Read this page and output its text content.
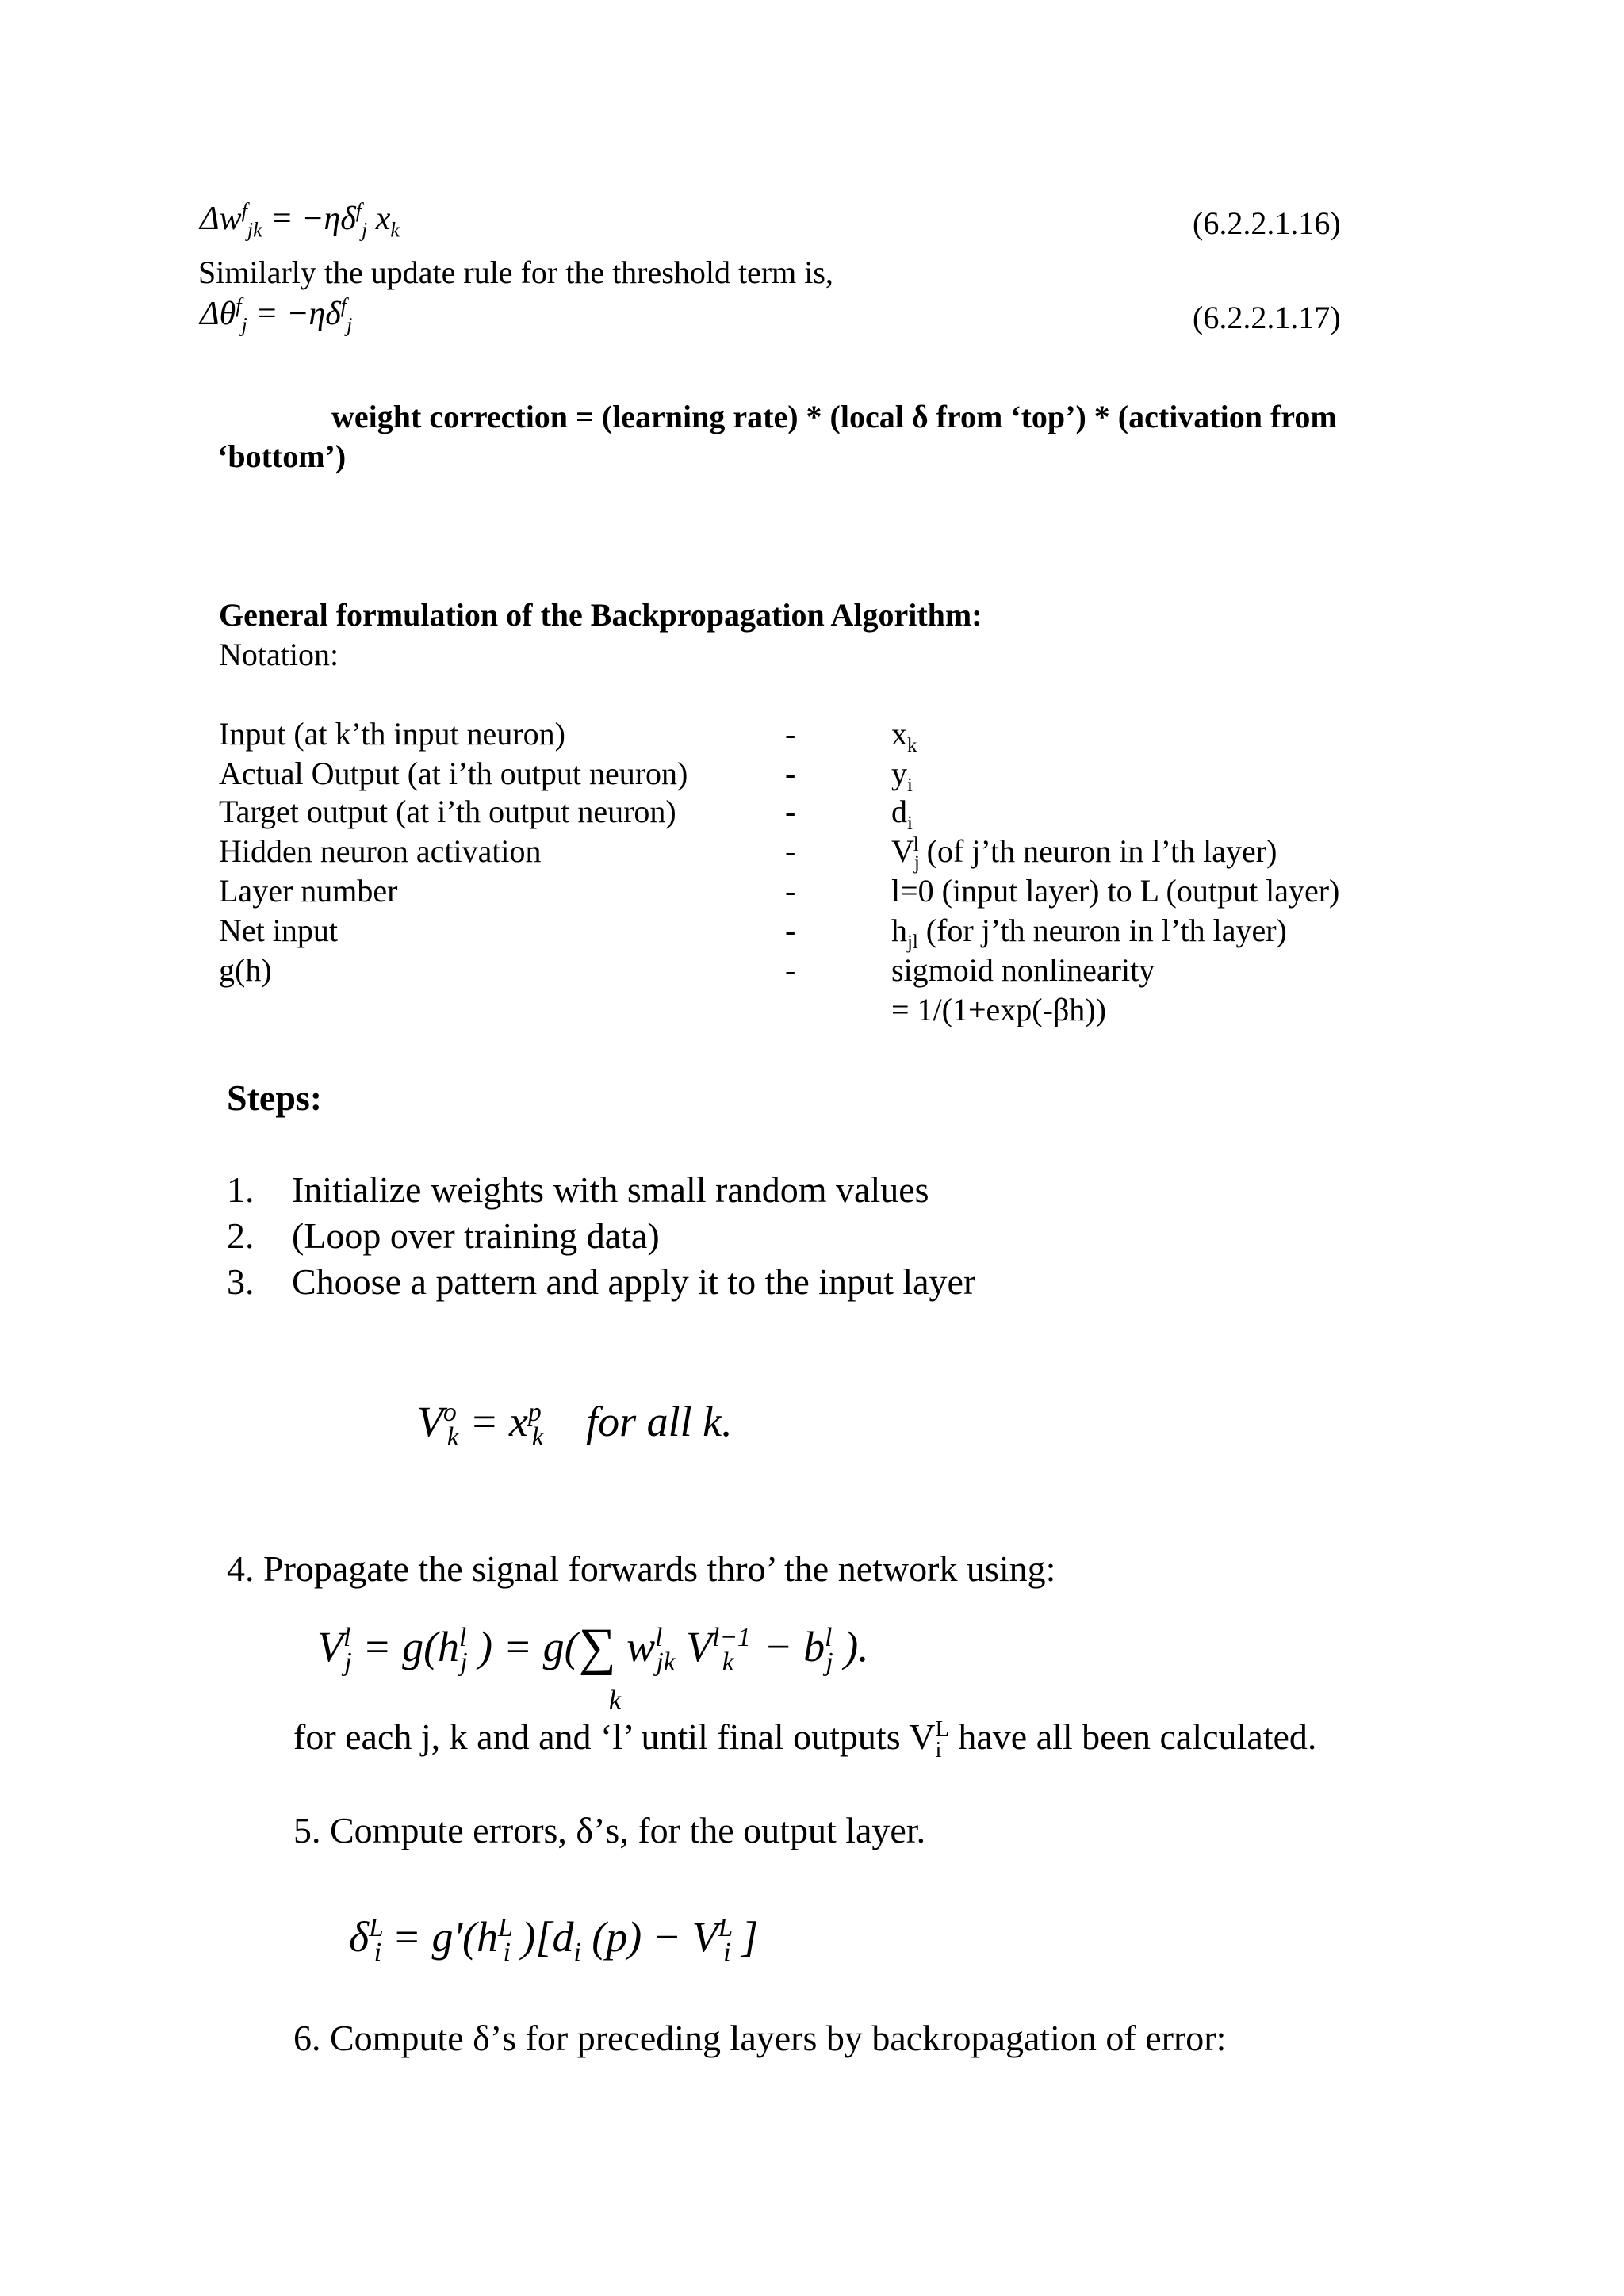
$\Delta w^f_{jk} = -\eta\delta^f_j$ $x_k$	(6.2.2.1.16)
Similarly the update rule for the threshold term is,
$\Delta\theta^f_j = -\eta\delta^f_j$	(6.2.2.1.17)
weight correction = (learning rate) * (local δ from ‘top’) * (activation from
‘bottom’)
General formulation of the Backpropagation Algorithm:
Notation:
Input (at k’th input neuron)	-	$x_k$
Actual Output (at i’th output neuron)	-	$y_i$
Target output (at i’th output neuron)	-	$d_i$
Hidden neuron activation	-	$V_j^l$ (of j’th neuron in l’th layer)
Layer number	-	l=0 (input layer) to L (output layer)
Net input	-	$h_{jl}$ (for j’th neuron in l’th layer)
g(h)	-	sigmoid nonlinearity
= 1/(1+exp(-βh))
Steps:
1. Initialize weights with small random values
2. (Loop over training data)
3. Choose a pattern and apply it to the input layer
$V^o_k = x^p_k$ for all k.
4. Propagate the signal forwards thro’ the network using:
$V^l_j = g(h^l_j$ ) = g(∑ $w^l_{jk}$ $V^{l-1}_k - b^l_j$ ).
k
for each j, k and and ‘l’ until final outputs $V_i^L$ have all been calculated.
5. Compute errors, δ’s, for the output layer.
$\delta^L_i = g'(h^L_i$ )[$d_i$ $(p) - V^L_i$ ]
6. Compute δ’s for preceding layers by backropagation of error:
